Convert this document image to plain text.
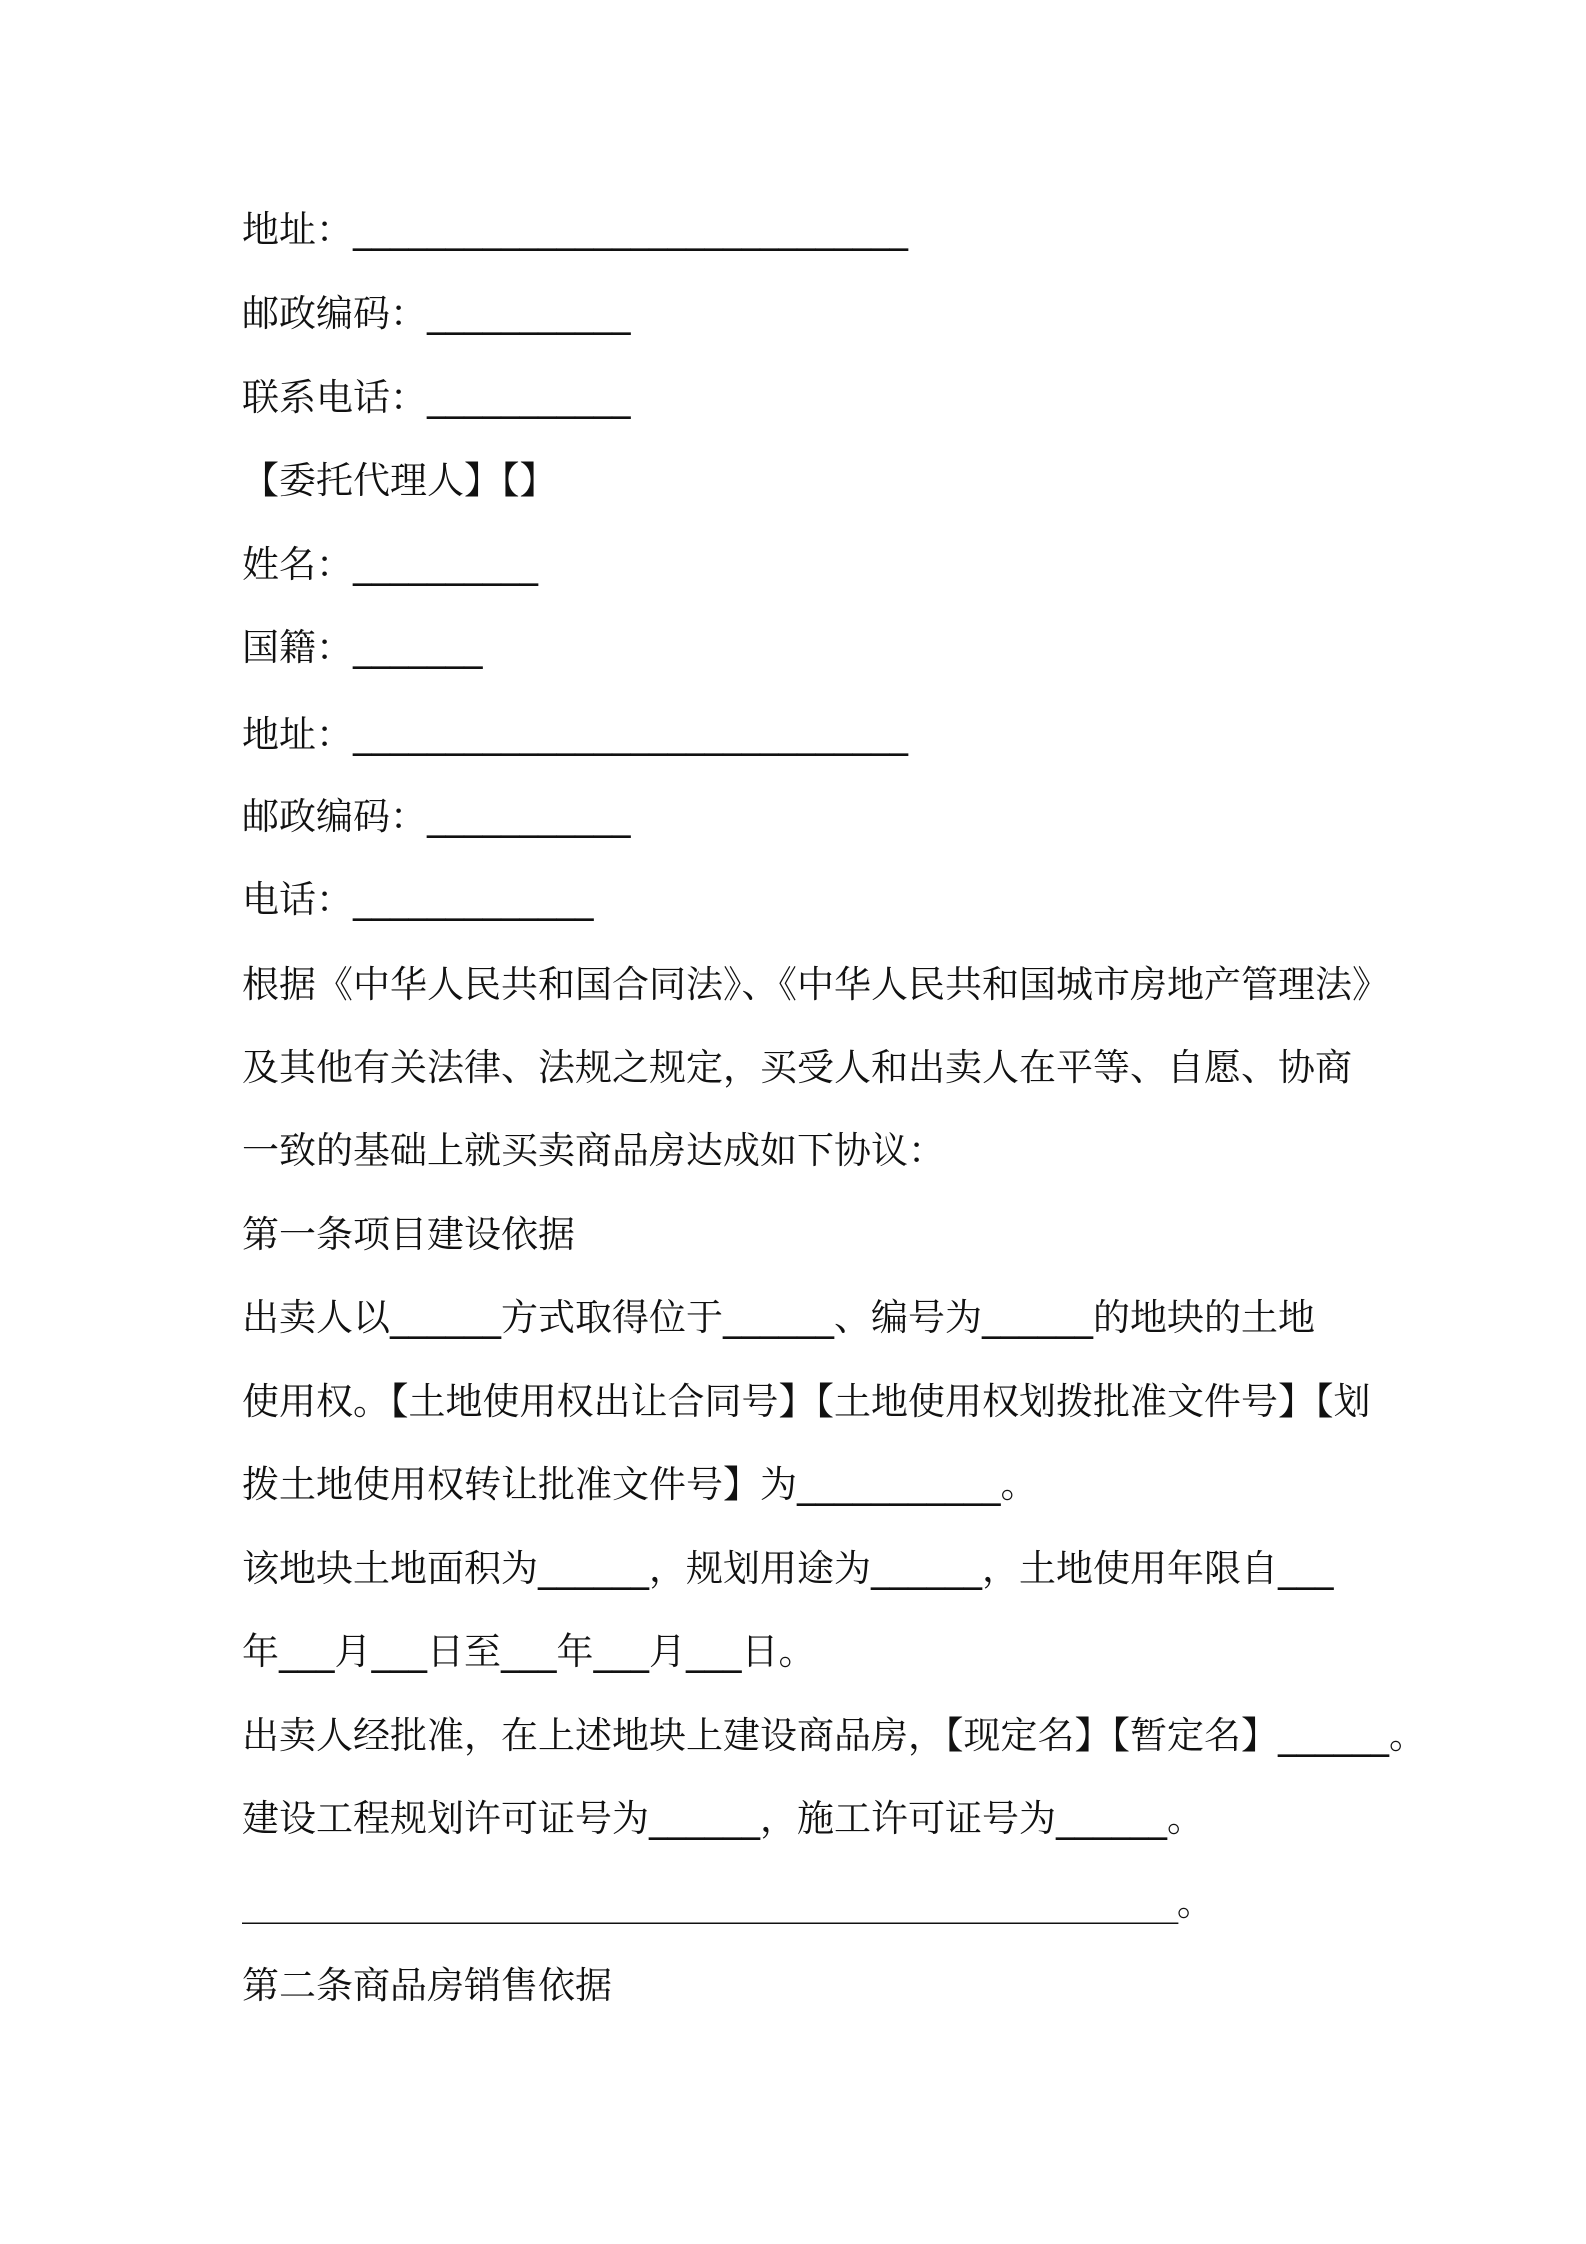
地址：______________________________
邮政编码：___________
联系电话：___________
【委托代理人】【】
姓名：__________
国籍：_______
地址：______________________________
邮政编码：___________
电话：_____________
根据《中华人民共和国合同法》、《中华人民共和国城市房地产管理法》
及其他有关法律、法规之规定，买受人和出卖人在平等、自愿、协商
一致的基础上就买卖商品房达成如下协议：
第一条项目建设依据
出卖人以______方式取得位于______、编号为______的地块的土地
使用权。【土地使用权出让合同号】【土地使用权划拨批准文件号】【划
拨土地使用权转让批准文件号】为___________。
该地块土地面积为______，规划用途为______，土地使用年限自___
年___月___日至___年___月___日。
出卖人经批准，在上述地块上建设商品房，【现定名】【暂定名】______。
建设工程规划许可证号为______，施工许可证号为______。
_____________________________________________。
第二条商品房销售依据
